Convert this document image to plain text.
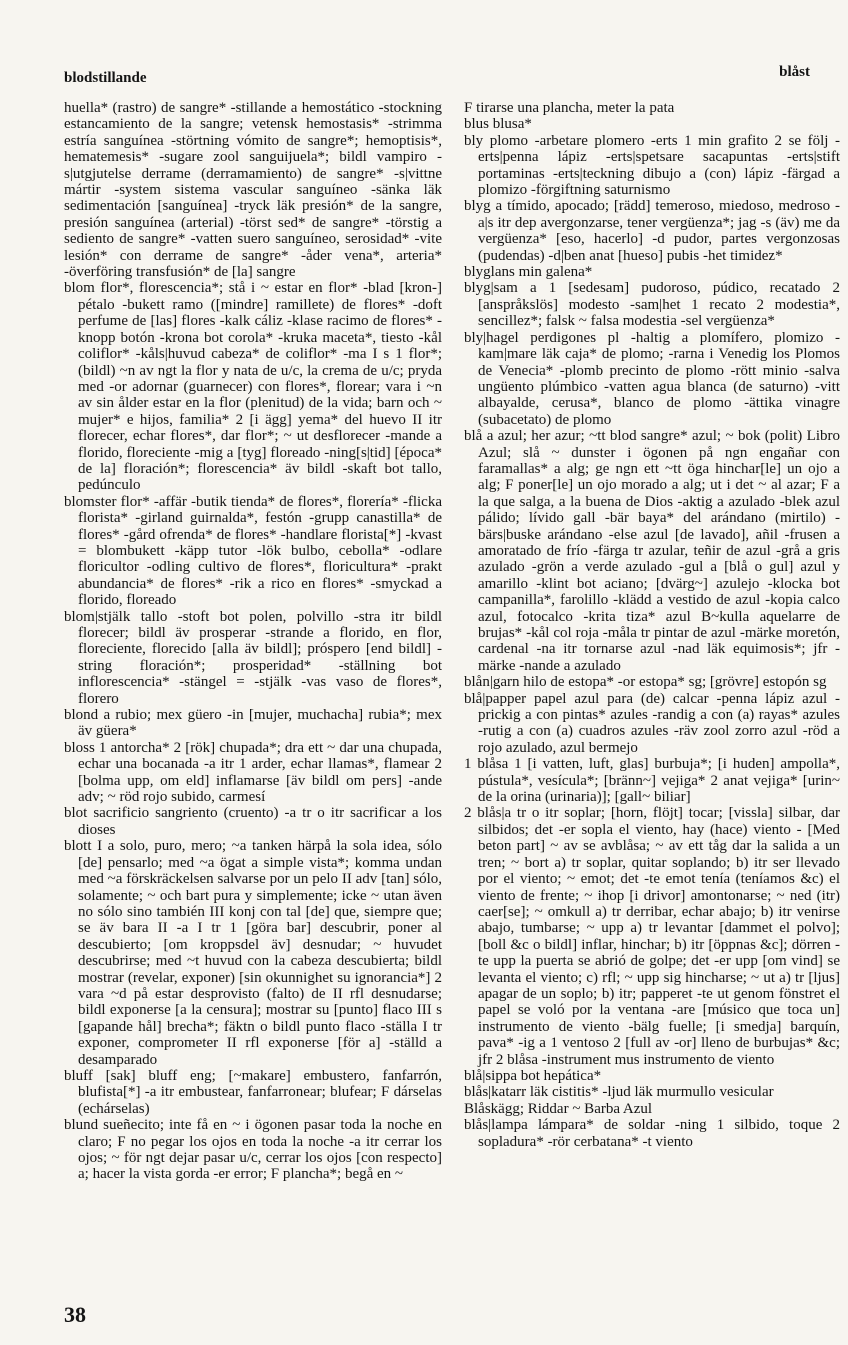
blodstillande	blåst

huella* (rastro) de sangre* -stillande a hemostático -stockning estancamiento de la sangre; vetensk hemostasis* -strimma estría sanguínea -störtning vómito de sangre*; hemoptisis*, hematemesis* -sugare zool sanguijuela*; bildl vampiro -s|utgjutelse derrame (derramamiento) de sangre* -s|vittne mártir -system sistema vascular sanguíneo -sänka läk sedimentación [sanguínea] -tryck läk presión* de la sangre, presión sanguínea (arterial) -törst sed* de sangre* -törstig a sediento de sangre* -vatten suero sanguíneo, serosidad* -vite lesión* con derrame de sangre* -åder vena*, arteria* -överföring transfusión* de [la] sangre

blom flor*, florescencia*; stå i ~ estar en flor* -blad [kron-] pétalo -bukett ramo ([mindre] ramillete) de flores* -doft perfume de [las] flores -kalk cáliz -klase racimo de flores* -knopp botón -krona bot corola* -kruka maceta*, tiesto -kål coliflor* -kåls|huvud cabeza* de coliflor* -ma I s 1 flor*; (bildl) ~n av ngt la flor y nata de u/c, la crema de u/c; pryda med -or adornar (guarnecer) con flores*, florear; vara i ~n av sin ålder estar en la flor (plenitud) de la vida; barn och ~ mujer* e hijos, familia* 2 [i ägg] yema* del huevo II itr florecer, echar flores*, dar flor*; ~ ut desflorecer -mande a florido, floreciente -mig a [tyg] floreado -ning[s|tid] [época* de la] floración*; florescencia* äv bildl -skaft bot tallo, pedúnculo

blomster flor* -affär -butik tienda* de flores*, florería* -flicka florista* -girland guirnalda*, festón -grupp canastilla* de flores* -gård ofrenda* de flores* -handlare florista[*] -kvast = blombukett -käpp tutor -lök bulbo, cebolla* -odlare floricultor -odling cultivo de flores*, floricultura* -prakt abundancia* de flores* -rik a rico en flores* -smyckad a florido, floreado

blom|stjälk tallo -stoft bot polen, polvillo -stra itr bildl florecer; bildl äv prosperar -strande a florido, en flor, floreciente, florecido [alla äv bildl]; próspero [end bildl] -string floración*; prosperidad* -ställning bot inflorescencia* -stängel = -stjälk -vas vaso de flores*, florero

blond a rubio; mex güero -in [mujer, muchacha] rubia*; mex äv güera*

bloss 1 antorcha* 2 [rök] chupada*; dra ett ~ dar una chupada, echar una bocanada -a itr 1 arder, echar llamas*, flamear 2 [bolma upp, om eld] inflamarse [äv bildl om pers] -ande adv; ~ röd rojo subido, carmesí

blot sacrificio sangriento (cruento) -a tr o itr sacrificar a los dioses

blott I a solo, puro, mero; ~a tanken härpå la sola idea, sólo [de] pensarlo; med ~a ögat a simple vista*; komma undan med ~a förskräckelsen salvarse por un pelo II adv [tan] sólo, solamente; ~ och bart pura y simplemente; icke ~ utan även no sólo sino también III konj con tal [de] que, siempre que; se äv bara II -a I tr 1 [göra bar] descubrir, poner al descubierto; [om kroppsdel äv] desnudar; ~ huvudet descubrirse; med ~t huvud con la cabeza descubierta; bildl mostrar (revelar, exponer) [sin okunnighet su ignorancia*] 2 vara ~d på estar desprovisto (falto) de II rfl desnudarse; bildl exponerse [a la censura]; mostrar su [punto] flaco III s [gapande hål] brecha*; fäktn o bildl punto flaco -ställa I tr exponer, comprometer II rfl exponerse [för a] -ställd a desamparado

bluff [sak] bluff eng; [~makare] embustero, fanfarrón, blufista[*] -a itr embustear, fanfarronear; blufear; F dárselas (echárselas)

blund sueñecito; inte få en ~ i ögonen pasar toda la noche en claro; F no pegar los ojos en toda la noche -a itr cerrar los ojos; ~ för ngt dejar pasar u/c, cerrar los ojos [con respecto] a; hacer la vista gorda -er error; F plancha*; begå en ~

F tirarse una plancha, meter la pata

blus blusa*

bly plomo -arbetare plomero -erts 1 min grafito 2 se följ -erts|penna lápiz -erts|spetsare sacapuntas -erts|stift portaminas -erts|teckning dibujo a (con) lápiz -färgad a plomizo -förgiftning saturnismo

blyg a tímido, apocado; [rädd] temeroso, miedoso, medroso -a|s itr dep avergonzarse, tener vergüenza*; jag -s (äv) me da vergüenza* [eso, hacerlo] -d pudor, partes vergonzosas (pudendas) -d|ben anat [hueso] pubis -het timidez*

blyglans min galena*

blyg|sam a 1 [sedesam] pudoroso, púdico, recatado 2 [anspråkslös] modesto -sam|het 1 recato 2 modestia*, sencillez*; falsk ~ falsa modestia -sel vergüenza*

bly|hagel perdigones pl -haltig a plomífero, plomizo -kam|mare läk caja* de plomo; -rarna i Venedig los Plomos de Venecia* -plomb precinto de plomo -rött minio -salva ungüento plúmbico -vatten agua blanca (de saturno) -vitt albayalde, cerusa*, blanco de plomo -ättika vinagre (subacetato) de plomo

blå a azul; her azur; ~tt blod sangre* azul; ~ bok (polit) Libro Azul; slå ~ dunster i ögonen på ngn engañar con faramallas* a alg; ge ngn ett ~tt öga hinchar[le] un ojo a alg; F poner[le] un ojo morado a alg; ut i det ~ al azar; F a la que salga, a la buena de Dios -aktig a azulado -blek azul pálido; lívido gall -bär baya* del arándano (mirtilo) -bärs|buske arándano -else azul [de lavado], añil -frusen a amoratado de frío -färga tr azular, teñir de azul -grå a gris azulado -grön a verde azulado -gul a [blå o gul] azul y amarillo -klint bot aciano; [dvärg~] azulejo -klocka bot campanilla*, farolillo -klädd a vestido de azul -kopia calco azul, fotocalco -krita tiza* azul B~kulla aquelarre de brujas* -kål col roja -måla tr pintar de azul -märke moretón, cardenal -na itr tornarse azul -nad läk equimosis*; jfr -märke -nande a azulado

blån|garn hilo de estopa* -or estopa* sg; [grövre] estopón sg

blå|papper papel azul para (de) calcar -penna lápiz azul -prickig a con pintas* azules -randig a con (a) rayas* azules -rutig a con (a) cuadros azules -räv zool zorro azul -röd a rojo azulado, azul bermejo

1 blåsa 1 [i vatten, luft, glas] burbuja*; [i huden] ampolla*, pústula*, vesícula*; [bränn~] vejiga* 2 anat vejiga* [urin~ de la orina (urinaria)]; [gall~ biliar]

2 blås|a tr o itr soplar; [horn, flöjt] tocar; [vissla] silbar, dar silbidos; det -er sopla el viento, hay (hace) viento - [Med beton part] ~ av se avblåsa; ~ av ett tåg dar la salida a un tren; ~ bort a) tr soplar, quitar soplando; b) itr ser llevado por el viento; ~ emot; det -te emot tenía (teníamos &c) el viento de frente; ~ ihop [i drivor] amontonarse; ~ ned (itr) caer[se]; ~ omkull a) tr derribar, echar abajo; b) itr venirse abajo, tumbarse; ~ upp a) tr levantar [dammet el polvo]; [boll &c o bildl] inflar, hinchar; b) itr [öppnas &c]; dörren -te upp la puerta se abrió de golpe; det -er upp [om vind] se levanta el viento; c) rfl; ~ upp sig hincharse; ~ ut a) tr [ljus] apagar de un soplo; b) itr; papperet -te ut genom fönstret el papel se voló por la ventana -are [músico que toca un] instrumento de viento -bälg fuelle; [i smedja] barquín, pava* -ig a 1 ventoso 2 [full av -or] lleno de burbujas* &c; jfr 2 blåsa -instrument mus instrumento de viento

blå|sippa bot hepática*

blås|katarr läk cistitis* -ljud läk murmullo vesicular

Blåskägg; Riddar ~ Barba Azul

blås|lampa lámpara* de soldar -ning 1 silbido, toque 2 sopladura* -rör cerbatana* -t viento

38
